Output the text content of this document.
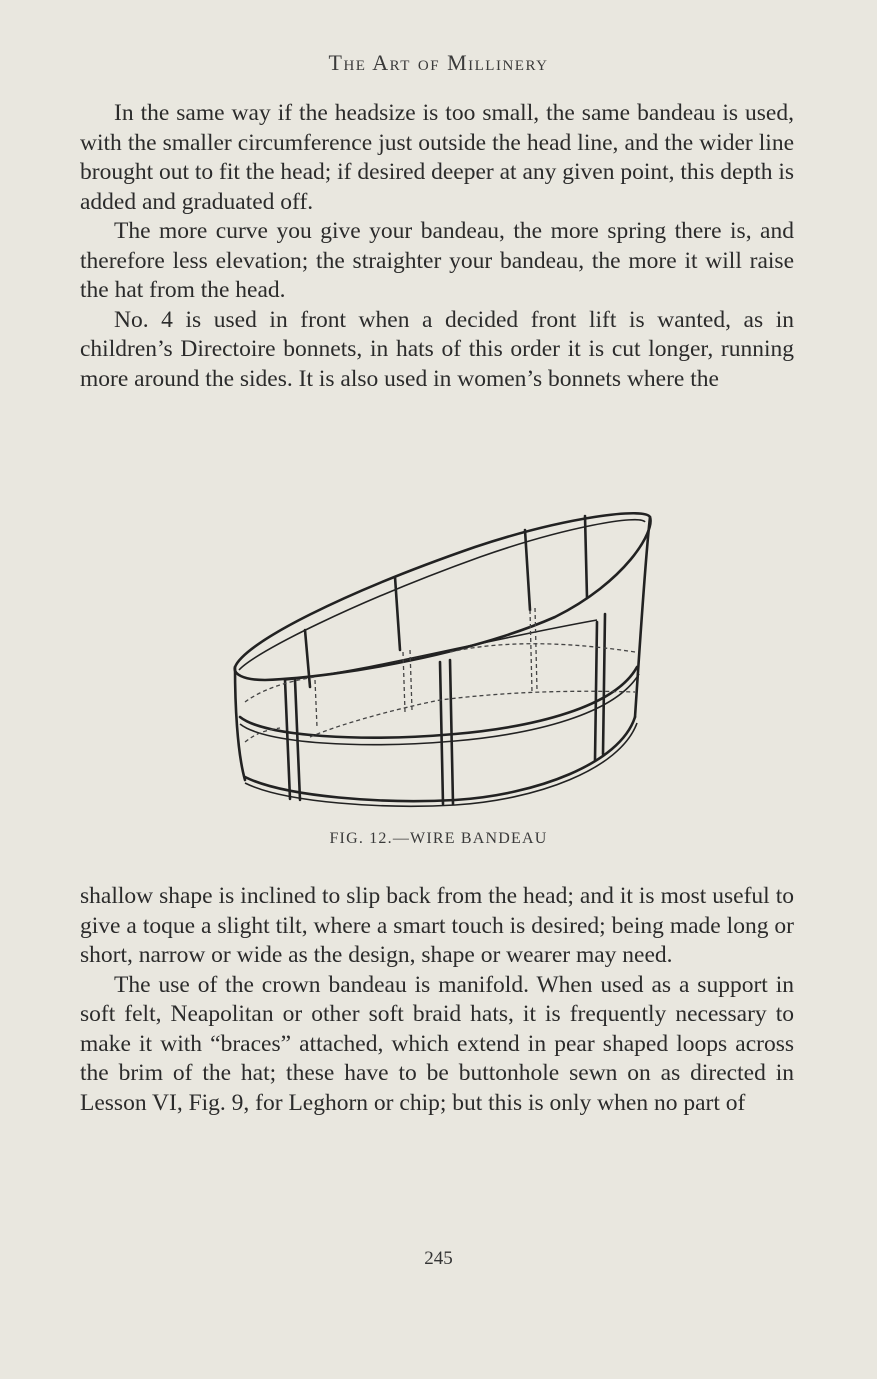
The Art of Millinery

In the same way if the headsize is too small, the same bandeau is used, with the smaller circumference just outside the head line, and the wider line brought out to fit the head; if desired deeper at any given point, this depth is added and graduated off.

The more curve you give your bandeau, the more spring there is, and therefore less elevation; the straighter your bandeau, the more it will raise the hat from the head.

No. 4 is used in front when a decided front lift is wanted, as in children’s Directoire bonnets, in hats of this order it is cut longer, running more around the sides. It is also used in women’s bonnets where the

FIG. 12.—WIRE BANDEAU

shallow shape is inclined to slip back from the head; and it is most useful to give a toque a slight tilt, where a smart touch is desired; being made long or short, narrow or wide as the design, shape or wearer may need.

The use of the crown bandeau is manifold. When used as a support in soft felt, Neapolitan or other soft braid hats, it is frequently necessary to make it with “braces” attached, which extend in pear shaped loops across the brim of the hat; these have to be buttonhole sewn on as directed in Lesson VI, Fig. 9, for Leghorn or chip; but this is only when no part of

245
